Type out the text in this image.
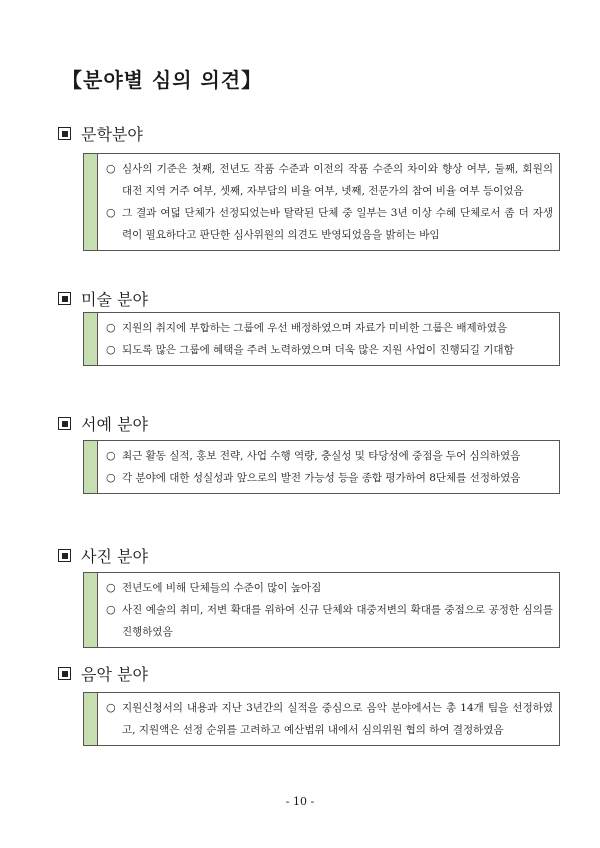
【분야별 심의 의견】
문학분야
○ 심사의 기준은 첫째, 전년도 작품 수준과 이전의 작품 수준의 차이와 향상 여부, 둘째, 회원의 대전 지역 거주 여부, 셋째, 자부담의 비율 여부, 넷째, 전문가의 참여 비율 여부 등이었음
○ 그 결과 여덟 단체가 선정되었는바 탈락된 단체 중 일부는 3년 이상 수혜 단체로서 좀 더 자생력이 필요하다고 판단한 심사위원의 의견도 반영되었음을 밝히는 바임
미술 분야
○ 지원의 취지에 부합하는 그룹에 우선 배정하였으며 자료가 미비한 그룹은 배제하였음
○ 되도록 많은 그룹에 혜택을 주려 노력하였으며 더욱 많은 지원 사업이 진행되길 기대함
서예 분야
○ 최근 활동 실적, 홍보 전략, 사업 수행 역량, 충실성 및 타당성에 중점을 두어 심의하였음
○ 각 분야에 대한 성실성과 앞으로의 발전 가능성 등을 종합 평가하여 8단체를 선정하였음
사진 분야
○ 전년도에 비해 단체들의 수준이 많이 높아짐
○ 사진 예술의 취미, 저변 확대를 위하여 신규 단체와 대중저변의 확대를 중점으로 공정한 심의를 진행하였음
음악 분야
○ 지원신청서의 내용과 지난 3년간의 실적을 중심으로 음악 분야에서는 총 14개 팀을 선정하였고, 지원액은 선정 순위를 고려하고 예산범위 내에서 심의위원 협의 하여 결정하였음
- 10 -
